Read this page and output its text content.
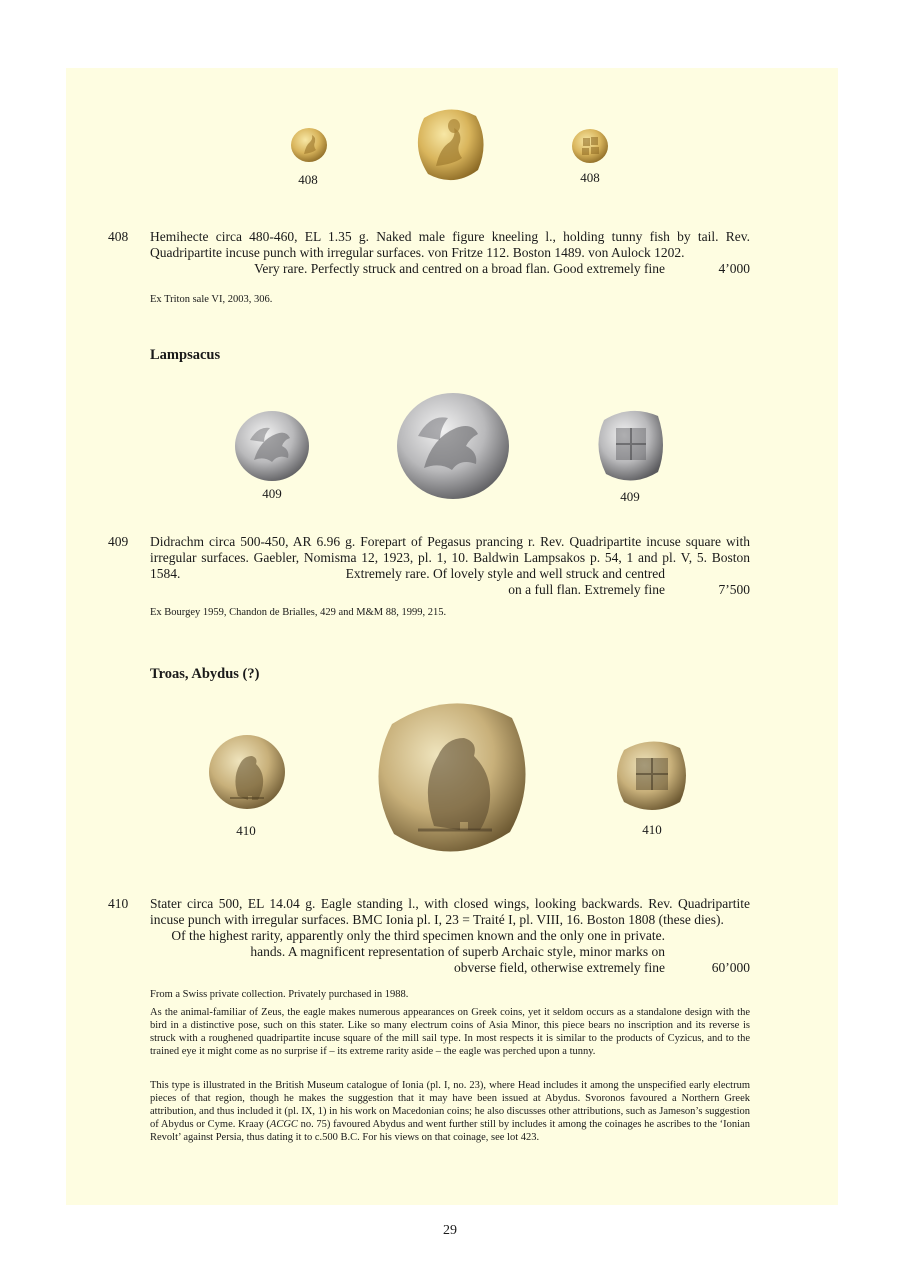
408	408
408 Hemihecte circa 480-460, EL 1.35 g. Naked male figure kneeling l., holding tunny fish by tail. Rev. Quadripartite incuse punch with irregular surfaces. von Fritze 112. Boston 1489. von Aulock 1202.
Very rare. Perfectly struck and centred on a broad flan. Good extremely fine	4’000
Ex Triton sale VI, 2003, 306.
Lampsacus
409	409
409 Didrachm circa 500-450, AR 6.96 g. Forepart of Pegasus prancing r. Rev. Quadripartite incuse square with
irregular surfaces. Gaebler, Nomisma 12, 1923, pl. 1, 10. Baldwin Lampsakos p. 54, 1 and pl. V, 5. Boston
1584.	Extremely rare. Of lovely style and well struck and centred
on a full flan. Extremely fine	7’500
Ex Bourgey 1959, Chandon de Brialles, 429 and M&M 88, 1999, 215.
Troas, Abydus (?)
410	410
410 Stater circa 500, EL 14.04 g. Eagle standing l., with closed wings, looking backwards. Rev. Quadripartite
incuse punch with irregular surfaces. BMC Ionia pl. I, 23 = Traité I, pl. VIII, 16. Boston 1808 (these dies).
Of the highest rarity, apparently only the third specimen known and the only one in private.
hands. A magnificent representation of superb Archaic style, minor marks on
obverse field, otherwise extremely fine	60’000
From a Swiss private collection. Privately purchased in 1988.
As the animal-familiar of Zeus, the eagle makes numerous appearances on Greek coins, yet it seldom occurs as a standalone design with the bird in a distinctive pose, such on this stater. Like so many electrum coins of Asia Minor, this piece bears no inscription and its reverse is struck with a roughened quadripartite incuse square of the mill sail type. In most respects it is similar to the products of Cyzicus, and to the trained eye it might come as no surprise if – its extreme rarity aside – the eagle was perched upon a tunny.
This type is illustrated in the British Museum catalogue of Ionia (pl. I, no. 23), where Head includes it among the unspecified early electrum pieces of that region, though he makes the suggestion that it may have been issued at Abydus. Svoronos favoured a Northern Greek attribution, and thus included it (pl. IX, 1) in his work on Macedonian coins; he also discusses other attributions, such as Jameson’s suggestion of Abydus or Cyme. Kraay (ACGC no. 75) favoured Abydus and went further still by includes it among the coinages he ascribes to the ‘Ionian Revolt’ against Persia, thus dating it to c.500 B.C. For his views on that coinage, see lot 423.
29
